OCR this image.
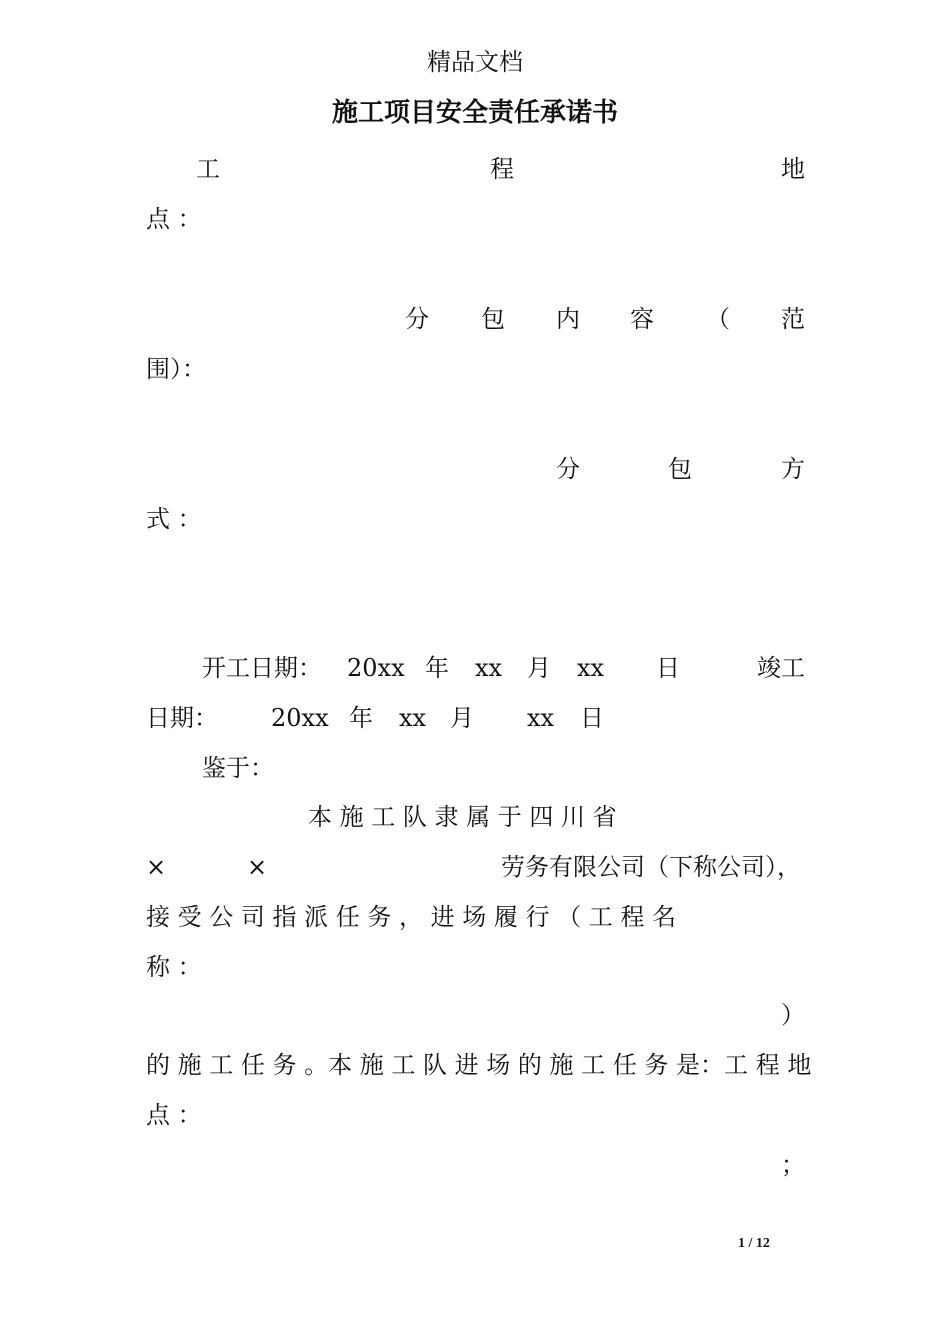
精品文档
施工项目安全责任承诺书
工	程	地
点 ：
分 包 内 容 （ 范
围）：
分	包	方
式 ：
开工日期： 20xx 年 xx 月 xx 日	竣工
日期： 20xx 年 xx 月 xx 日
鉴于：
本 施 工 队 隶 属 于 四 川 省
×	×	劳务有限公司（下称公司），
接 受 公 司 指 派 任 务 ， 进 场 履 行 （ 工 程 名
称 ：
）
的 施 工 任 务 。本 施 工 队 进 场 的 施 工 任 务 是：工 程 地
点 ：
；
1 / 12
